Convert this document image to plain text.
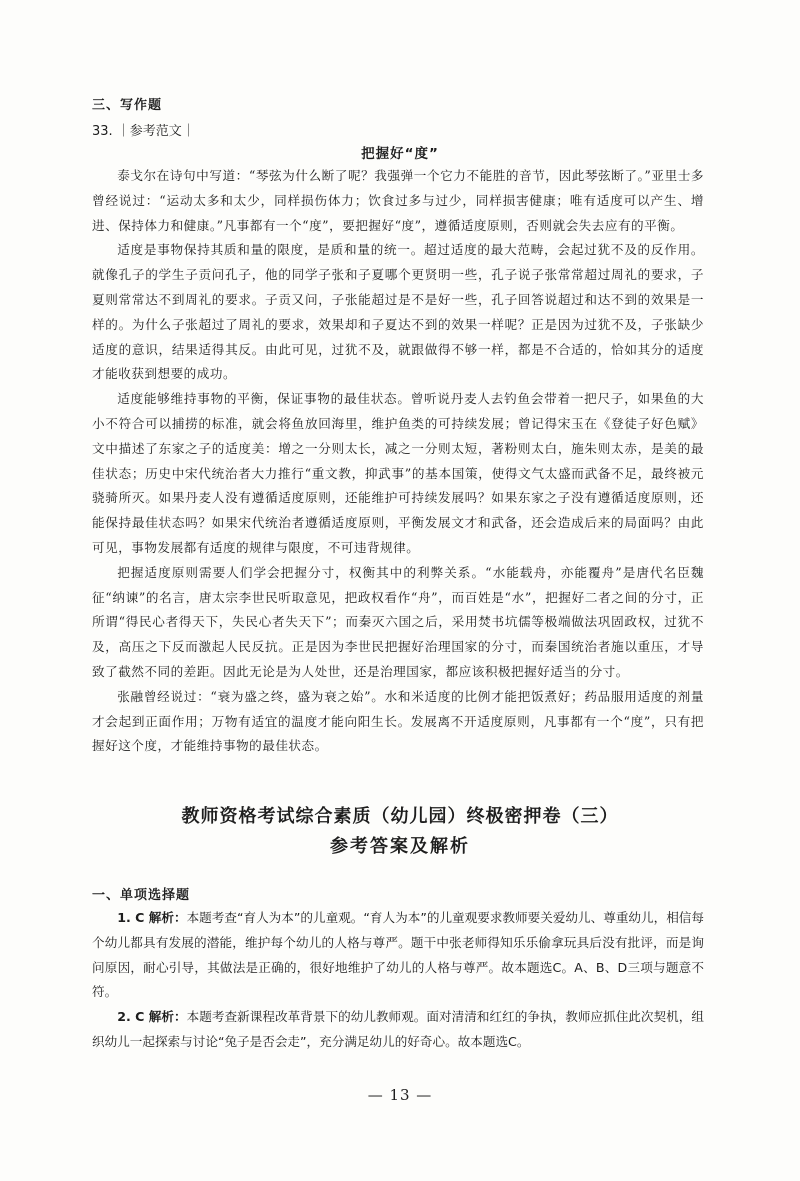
三、写作题
33. ｜参考范文｜
把握好“度”

泰戈尔在诗句中写道：“琴弦为什么断了呢？我强弹一个它力不能胜的音节，因此琴弦断了。”亚里士多曾经说过：“运动太多和太少，同样损伤体力；饮食过多与过少，同样损害健康；唯有适度可以产生、增进、保持体力和健康。”凡事都有一个“度”，要把握好“度”，遵循适度原则，否则就会失去应有的平衡。

适度是事物保持其质和量的限度，是质和量的统一。超过适度的最大范畴，会起过犹不及的反作用。就像孔子的学生子贡问孔子，他的同学子张和子夏哪个更贤明一些，孔子说子张常常超过周礼的要求，子夏则常常达不到周礼的要求。子贡又问，子张能超过是不是好一些，孔子回答说超过和达不到的效果是一样的。为什么子张超过了周礼的要求，效果却和子夏达不到的效果一样呢？正是因为过犹不及，子张缺少适度的意识，结果适得其反。由此可见，过犹不及，就跟做得不够一样，都是不合适的，恰如其分的适度才能收获到想要的成功。

适度能够维持事物的平衡，保证事物的最佳状态。曾听说丹麦人去钓鱼会带着一把尺子，如果鱼的大小不符合可以捕捞的标准，就会将鱼放回海里，维护鱼类的可持续发展；曾记得宋玉在《登徒子好色赋》文中描述了东家之子的适度美：增之一分则太长，减之一分则太短，著粉则太白，施朱则太赤，是美的最佳状态；历史中宋代统治者大力推行“重文教，抑武事”的基本国策，使得文气太盛而武备不足，最终被元骁骑所灭。如果丹麦人没有遵循适度原则，还能维护可持续发展吗？如果东家之子没有遵循适度原则，还能保持最佳状态吗？如果宋代统治者遵循适度原则，平衡发展文才和武备，还会造成后来的局面吗？由此可见，事物发展都有适度的规律与限度，不可违背规律。

把握适度原则需要人们学会把握分寸，权衡其中的利弊关系。“水能载舟，亦能覆舟”是唐代名臣魏征“纳谏”的名言，唐太宗李世民听取意见，把政权看作“舟”，而百姓是“水”，把握好二者之间的分寸，正所谓“得民心者得天下，失民心者失天下”；而秦灭六国之后，采用焚书坑儒等极端做法巩固政权，过犹不及，高压之下反而激起人民反抗。正是因为李世民把握好治理国家的分寸，而秦国统治者施以重压，才导致了截然不同的差距。因此无论是为人处世，还是治理国家，都应该积极把握好适当的分寸。

张融曾经说过：“衰为盛之终，盛为衰之始”。水和米适度的比例才能把饭煮好；药品服用适度的剂量才会起到正面作用；万物有适宜的温度才能向阳生长。发展离不开适度原则，凡事都有一个“度”，只有把握好这个度，才能维持事物的最佳状态。

教师资格考试综合素质（幼儿园）终极密押卷（三）
参考答案及解析
一、单项选择题

1. C 解析：本题考查“育人为本”的儿童观。“育人为本”的儿童观要求教师要关爱幼儿、尊重幼儿，相信每个幼儿都具有发展的潜能，维护每个幼儿的人格与尊严。题干中张老师得知乐乐偷拿玩具后没有批评，而是询问原因，耐心引导，其做法是正确的，很好地维护了幼儿的人格与尊严。故本题选C。A、B、D三项与题意不符。

2. C 解析：本题考查新课程改革背景下的幼儿教师观。面对清清和红红的争执，教师应抓住此次契机，组织幼儿一起探索与讨论“兔子是否会走”，充分满足幼儿的好奇心。故本题选C。

— 13 —
